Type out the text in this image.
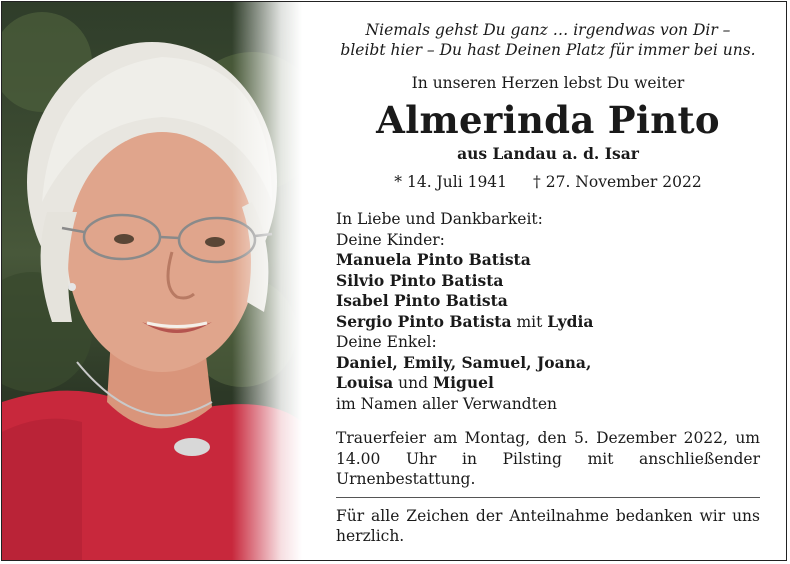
Niemals gehst Du ganz … irgendwas von Dir –
bleibt hier – Du hast Deinen Platz für immer bei uns.
In unseren Herzen lebst Du weiter
Almerinda Pinto
aus Landau a. d. Isar
* 14. Juli 1941 † 27. November 2022
In Liebe und Dankbarkeit:
Deine Kinder:
Manuela Pinto Batista
Silvio Pinto Batista
Isabel Pinto Batista
Sergio Pinto Batista mit Lydia
Deine Enkel:
Daniel, Emily, Samuel, Joana,
Louisa und Miguel
im Namen aller Verwandten
Trauerfeier am Montag, den 5. Dezember 2022, um 14.00 Uhr in Pilsting mit anschließender Urnenbestattung.
Für alle Zeichen der Anteilnahme bedanken wir uns herzlich.
